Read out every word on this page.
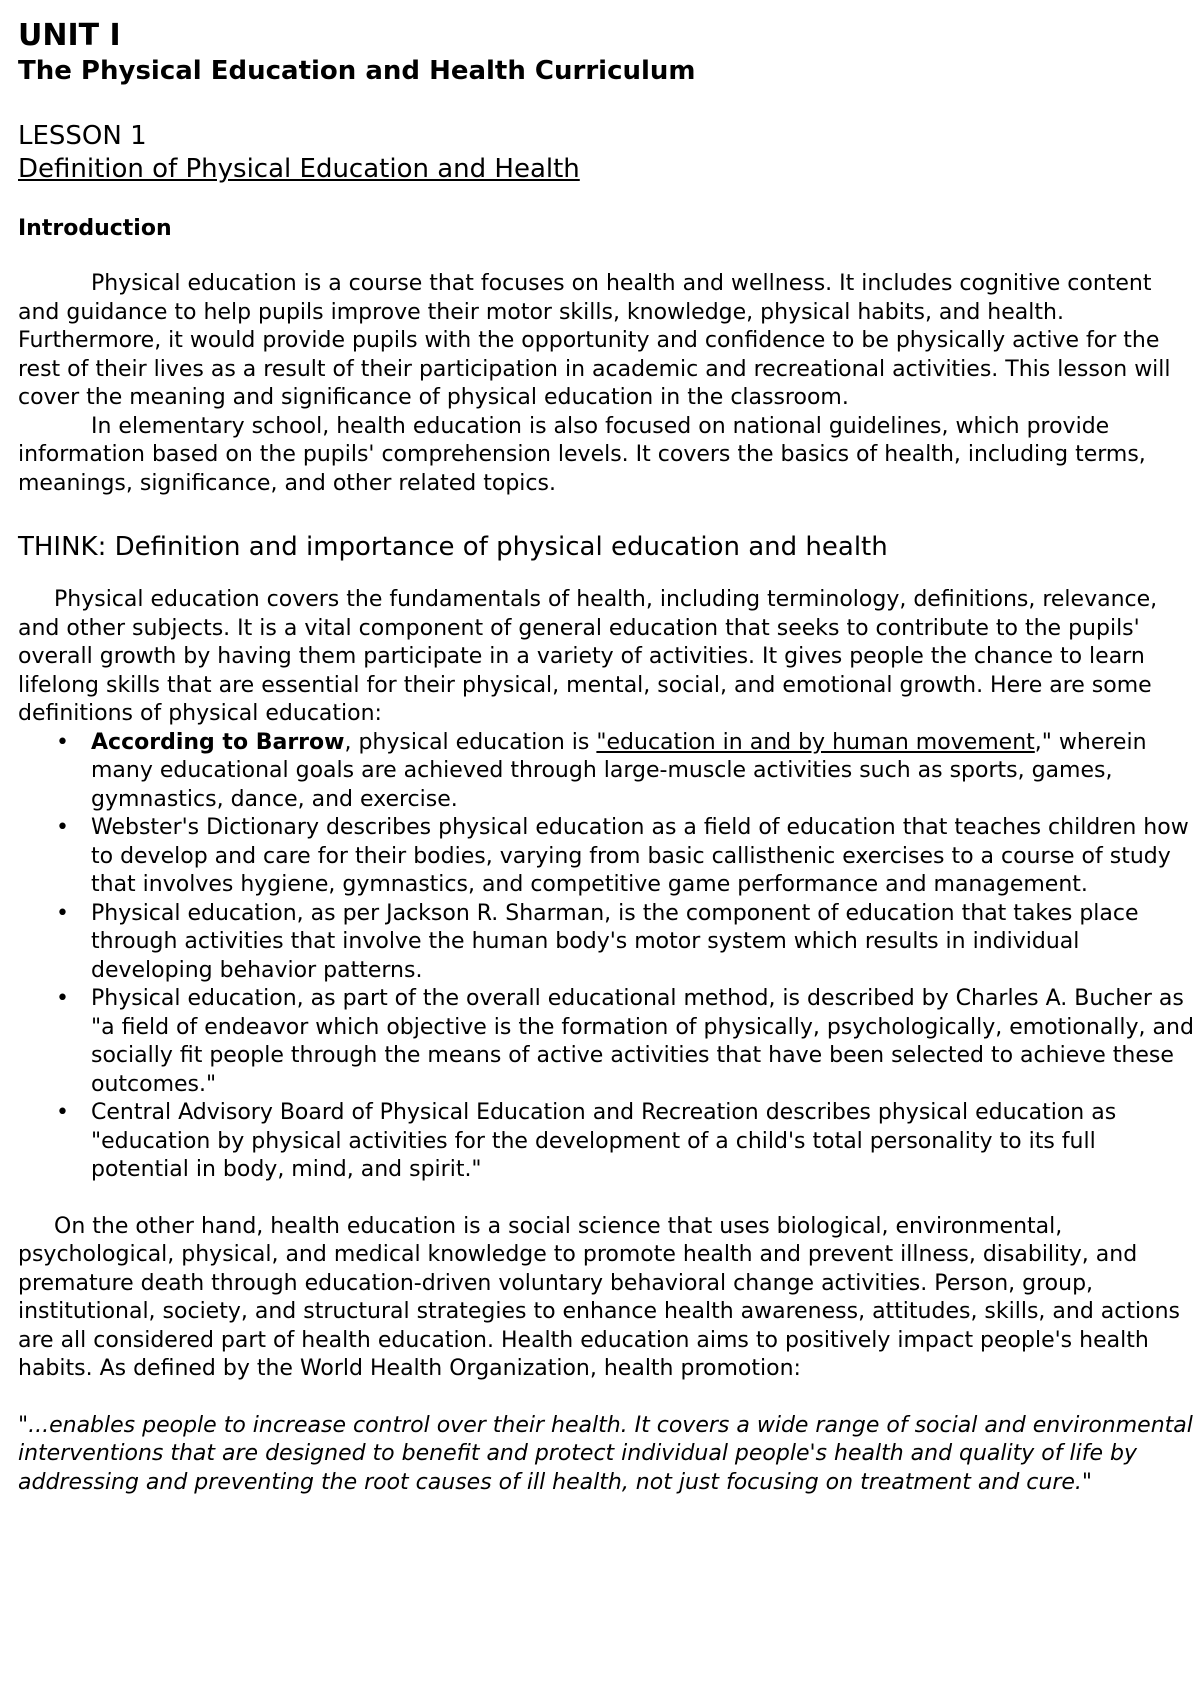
UNIT I
The Physical Education and Health Curriculum
LESSON 1
Definition of Physical Education and Health
Introduction

Physical education is a course that focuses on health and wellness. It includes cognitive content and guidance to help pupils improve their motor skills, knowledge, physical habits, and health. Furthermore, it would provide pupils with the opportunity and confidence to be physically active for the rest of their lives as a result of their participation in academic and recreational activities. This lesson will cover the meaning and significance of physical education in the classroom.

In elementary school, health education is also focused on national guidelines, which provide information based on the pupils' comprehension levels. It covers the basics of health, including terms, meanings, significance, and other related topics.

THINK: Definition and importance of physical education and health

Physical education covers the fundamentals of health, including terminology, definitions, relevance, and other subjects. It is a vital component of general education that seeks to contribute to the pupils' overall growth by having them participate in a variety of activities. It gives people the chance to learn lifelong skills that are essential for their physical, mental, social, and emotional growth. Here are some definitions of physical education:

• According to Barrow, physical education is "education in and by human movement," wherein many educational goals are achieved through large-muscle activities such as sports, games, gymnastics, dance, and exercise.
• Webster's Dictionary describes physical education as a field of education that teaches children how to develop and care for their bodies, varying from basic callisthenic exercises to a course of study that involves hygiene, gymnastics, and competitive game performance and management.
• Physical education, as per Jackson R. Sharman, is the component of education that takes place through activities that involve the human body's motor system which results in individual developing behavior patterns.
• Physical education, as part of the overall educational method, is described by Charles A. Bucher as "a field of endeavor which objective is the formation of physically, psychologically, emotionally, and socially fit people through the means of active activities that have been selected to achieve these outcomes."
• Central Advisory Board of Physical Education and Recreation describes physical education as "education by physical activities for the development of a child's total personality to its full potential in body, mind, and spirit."

On the other hand, health education is a social science that uses biological, environmental, psychological, physical, and medical knowledge to promote health and prevent illness, disability, and premature death through education-driven voluntary behavioral change activities. Person, group, institutional, society, and structural strategies to enhance health awareness, attitudes, skills, and actions are all considered part of health education. Health education aims to positively impact people's health habits. As defined by the World Health Organization, health promotion:

"...enables people to increase control over their health. It covers a wide range of social and environmental interventions that are designed to benefit and protect individual people's health and quality of life by addressing and preventing the root causes of ill health, not just focusing on treatment and cure."
